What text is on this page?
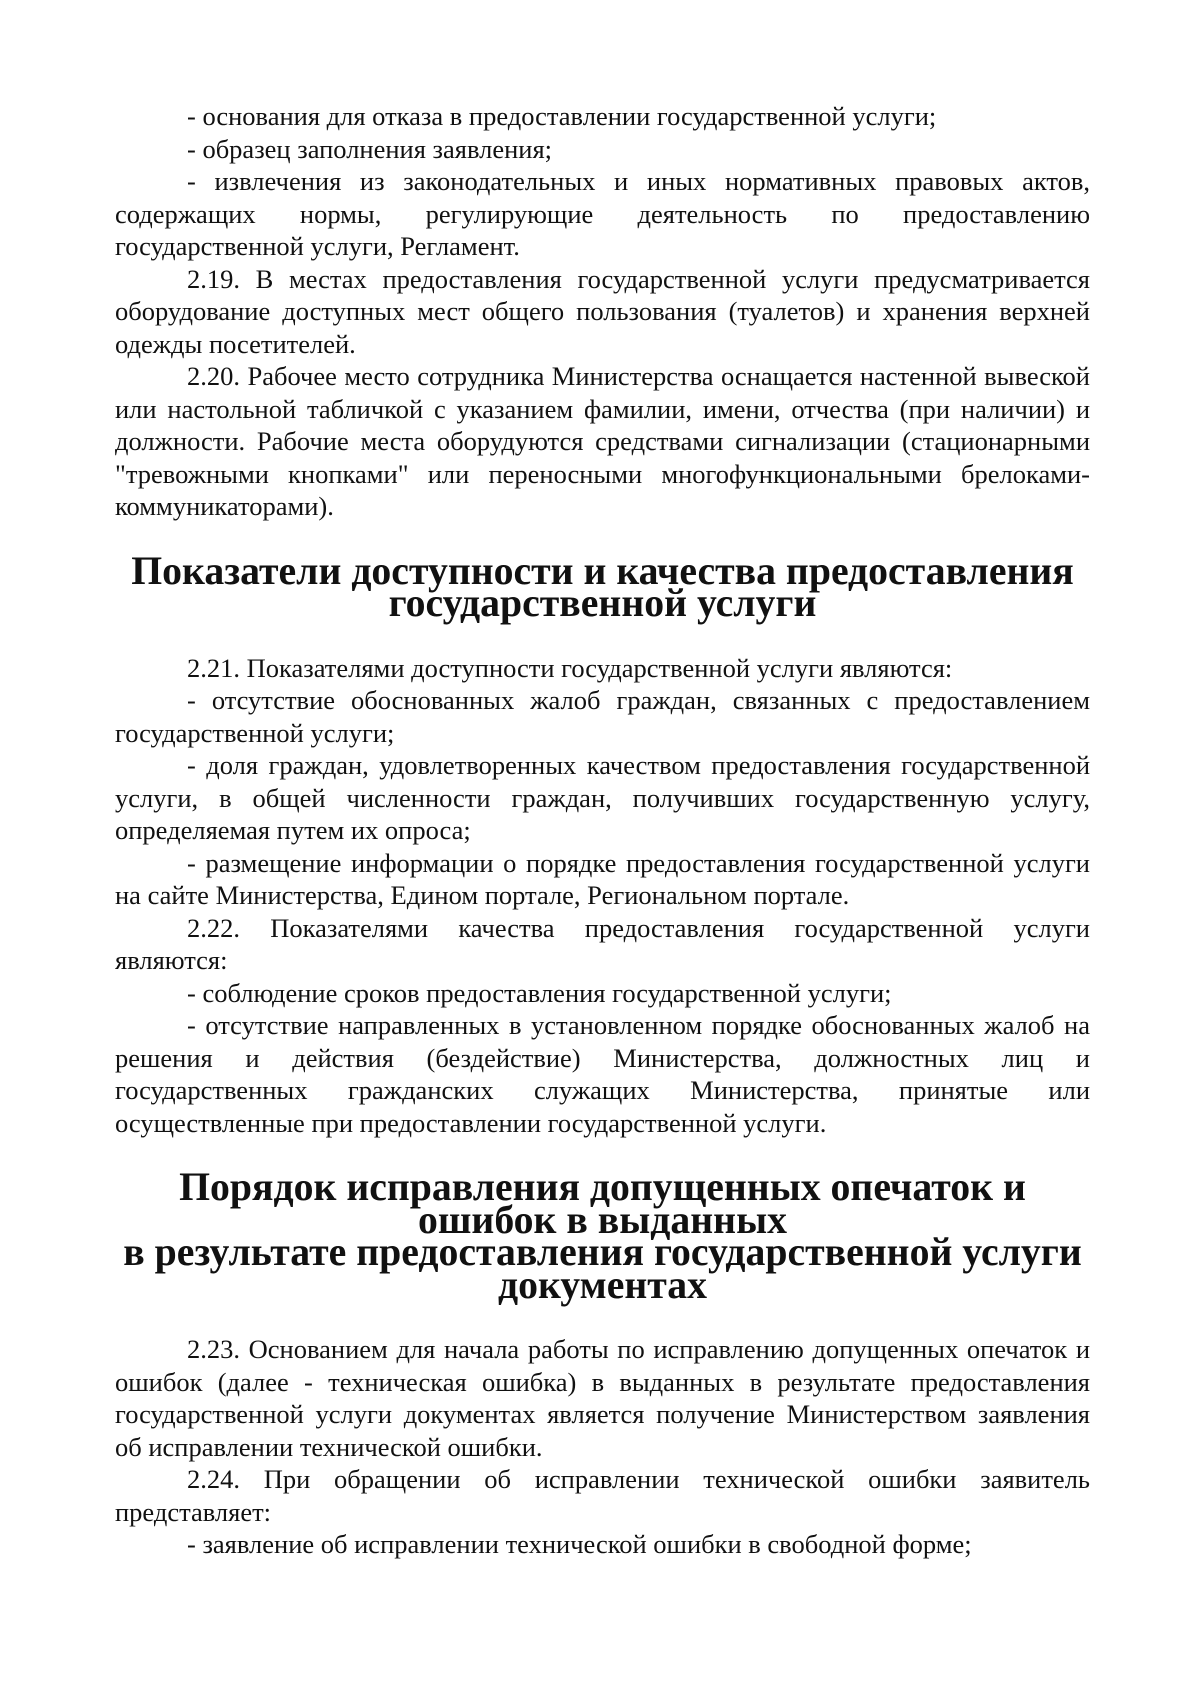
- основания для отказа в предоставлении государственной услуги;

- образец заполнения заявления;

- извлечения из законодательных и иных нормативных правовых актов, содержащих нормы, регулирующие деятельность по предоставлению государственной услуги, Регламент.

2.19. В местах предоставления государственной услуги предусматривается оборудование доступных мест общего пользования (туалетов) и хранения верхней одежды посетителей.

2.20. Рабочее место сотрудника Министерства оснащается настенной вывеской или настольной табличкой с указанием фамилии, имени, отчества (при наличии) и должности. Рабочие места оборудуются средствами сигнализации (стационарными "тревожными кнопками" или переносными многофункциональными брелоками-коммуникаторами).

Показатели доступности и качества предоставления
государственной услуги

2.21. Показателями доступности государственной услуги являются:

- отсутствие обоснованных жалоб граждан, связанных с предоставлением государственной услуги;

- доля граждан, удовлетворенных качеством предоставления государственной услуги, в общей численности граждан, получивших государственную услугу, определяемая путем их опроса;

- размещение информации о порядке предоставления государственной услуги на сайте Министерства, Едином портале, Региональном портале.

2.22. Показателями качества предоставления государственной услуги являются:

- соблюдение сроков предоставления государственной услуги;

- отсутствие направленных в установленном порядке обоснованных жалоб на решения и действия (бездействие) Министерства, должностных лиц и государственных гражданских служащих Министерства, принятые или осуществленные при предоставлении государственной услуги.

Порядок исправления допущенных опечаток и ошибок в выданных
в результате предоставления государственной услуги
документах

2.23. Основанием для начала работы по исправлению допущенных опечаток и ошибок (далее - техническая ошибка) в выданных в результате предоставления государственной услуги документах является получение Министерством заявления об исправлении технической ошибки.

2.24. При обращении об исправлении технической ошибки заявитель представляет:

- заявление об исправлении технической ошибки в свободной форме;
